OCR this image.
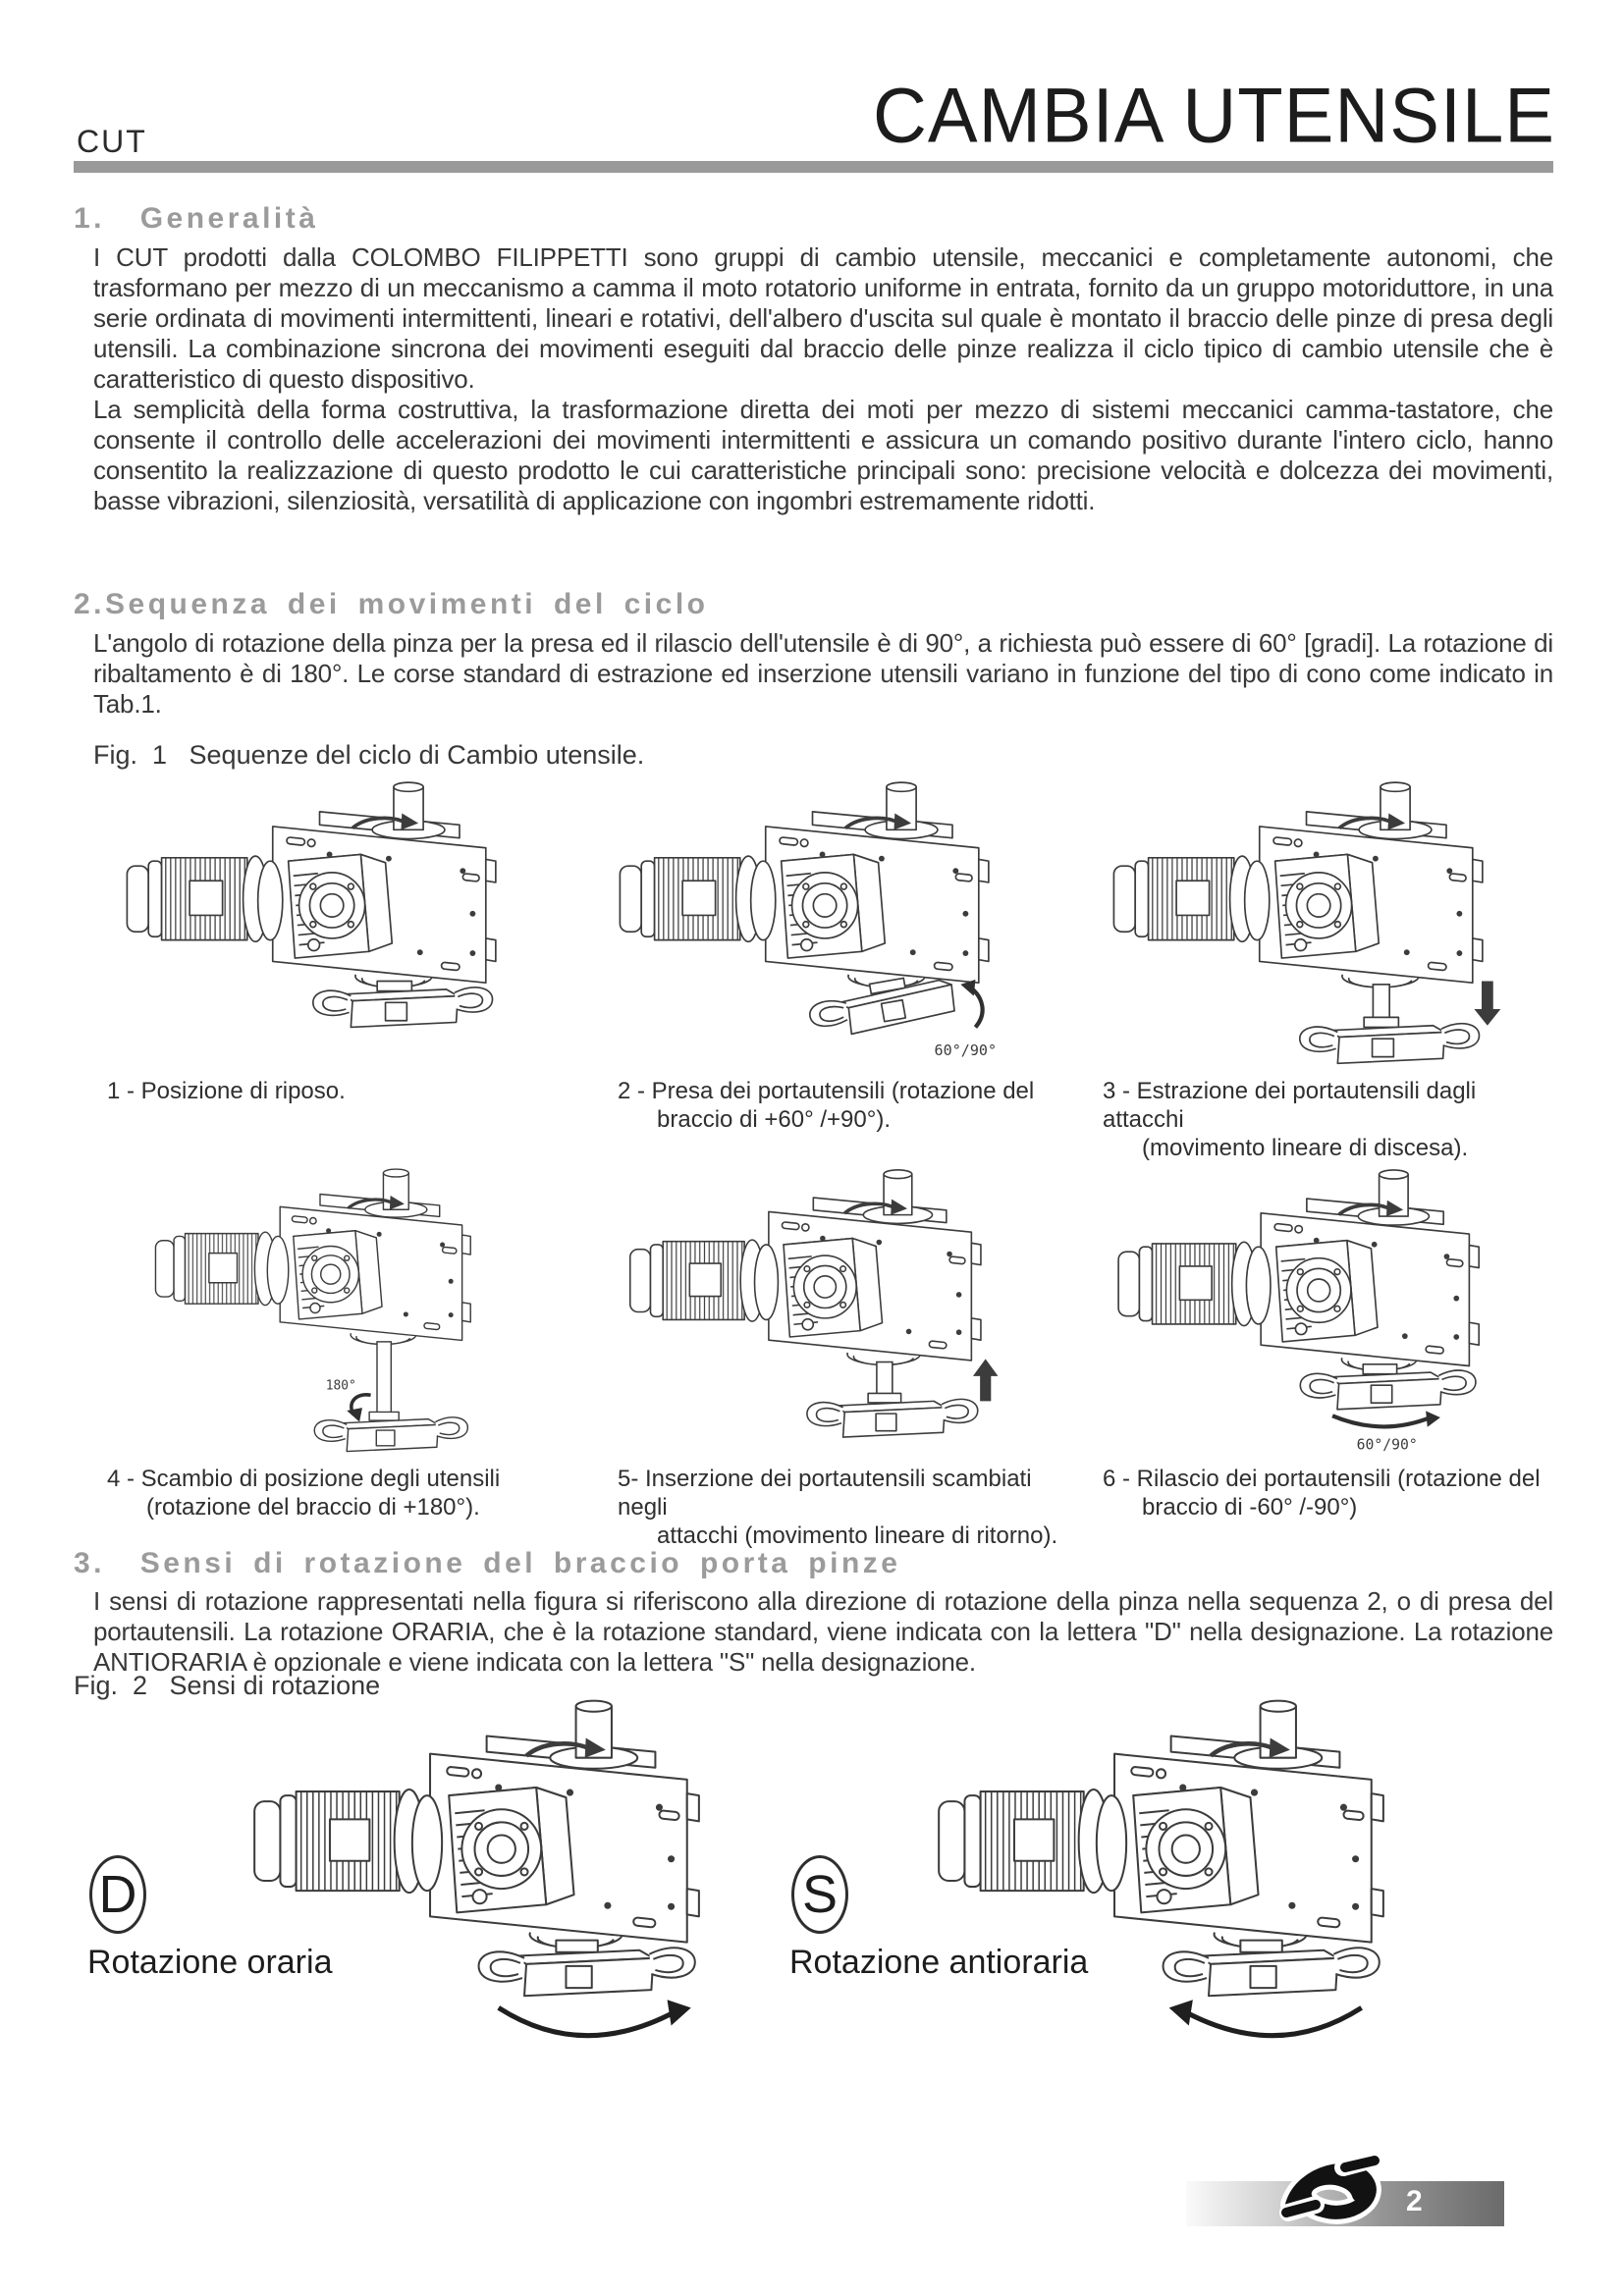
CUT	CAMBIA UTENSILE
1.  Generalità
I CUT prodotti dalla COLOMBO FILIPPETTI sono gruppi di cambio utensile, meccanici e completamente autonomi, che trasformano per mezzo di un meccanismo a camma il moto rotatorio uniforme in entrata, fornito da un gruppo motoriduttore, in una serie ordinata di movimenti intermittenti, lineari e rotativi, dell'albero d'uscita sul quale è montato il braccio delle pinze di presa degli utensili. La combinazione sincrona dei movimenti eseguiti dal braccio delle pinze realizza il ciclo tipico di cambio utensile che è caratteristico di questo dispositivo.
La semplicità della forma costruttiva, la trasformazione diretta dei moti per mezzo di sistemi meccanici camma-tastatore, che consente il controllo delle accelerazioni dei movimenti intermittenti e assicura un comando positivo durante l'intero ciclo, hanno consentito la realizzazione di questo prodotto le cui caratteristiche principali sono: precisione velocità e dolcezza dei movimenti, basse vibrazioni, silenziosità, versatilità di applicazione con ingombri estremamente ridotti.
2.Sequenza dei movimenti del ciclo
L'angolo di rotazione della pinza per la presa ed il rilascio dell'utensile è di 90°, a richiesta può essere di 60° [gradi]. La rotazione di ribaltamento è di 180°. Le corse standard di estrazione ed inserzione utensili variano in funzione del tipo di cono come indicato in Tab.1.
Fig.  1   Sequenze del ciclo di Cambio utensile.
60°/90°
1 - Posizione di riposo.	2 - Presa dei portautensili (rotazione del
braccio di +60° /+90°).
3 - Estrazione dei portautensili dagli
attacchi
(movimento lineare di discesa).
180°
60°/90°
4 - Scambio di posizione degli utensili
(rotazione del braccio di +180°).
5- Inserzione dei portautensili scambiati negli
attacchi (movimento lineare di ritorno).
6 - Rilascio dei portautensili (rotazione del
braccio di -60° /-90°)
3.  Sensi di rotazione del braccio porta pinze
I sensi di rotazione rappresentati nella figura si riferiscono alla direzione di rotazione della pinza nella sequenza 2, o di presa del portautensili. La rotazione ORARIA, che è la rotazione standard, viene indicata con la lettera "D" nella designazione. La rotazione ANTIORARIA è opzionale e viene indicata con la lettera "S" nella designazione.
Fig.  2   Sensi di rotazione
D
Rotazione oraria
S
Rotazione antioraria
2
